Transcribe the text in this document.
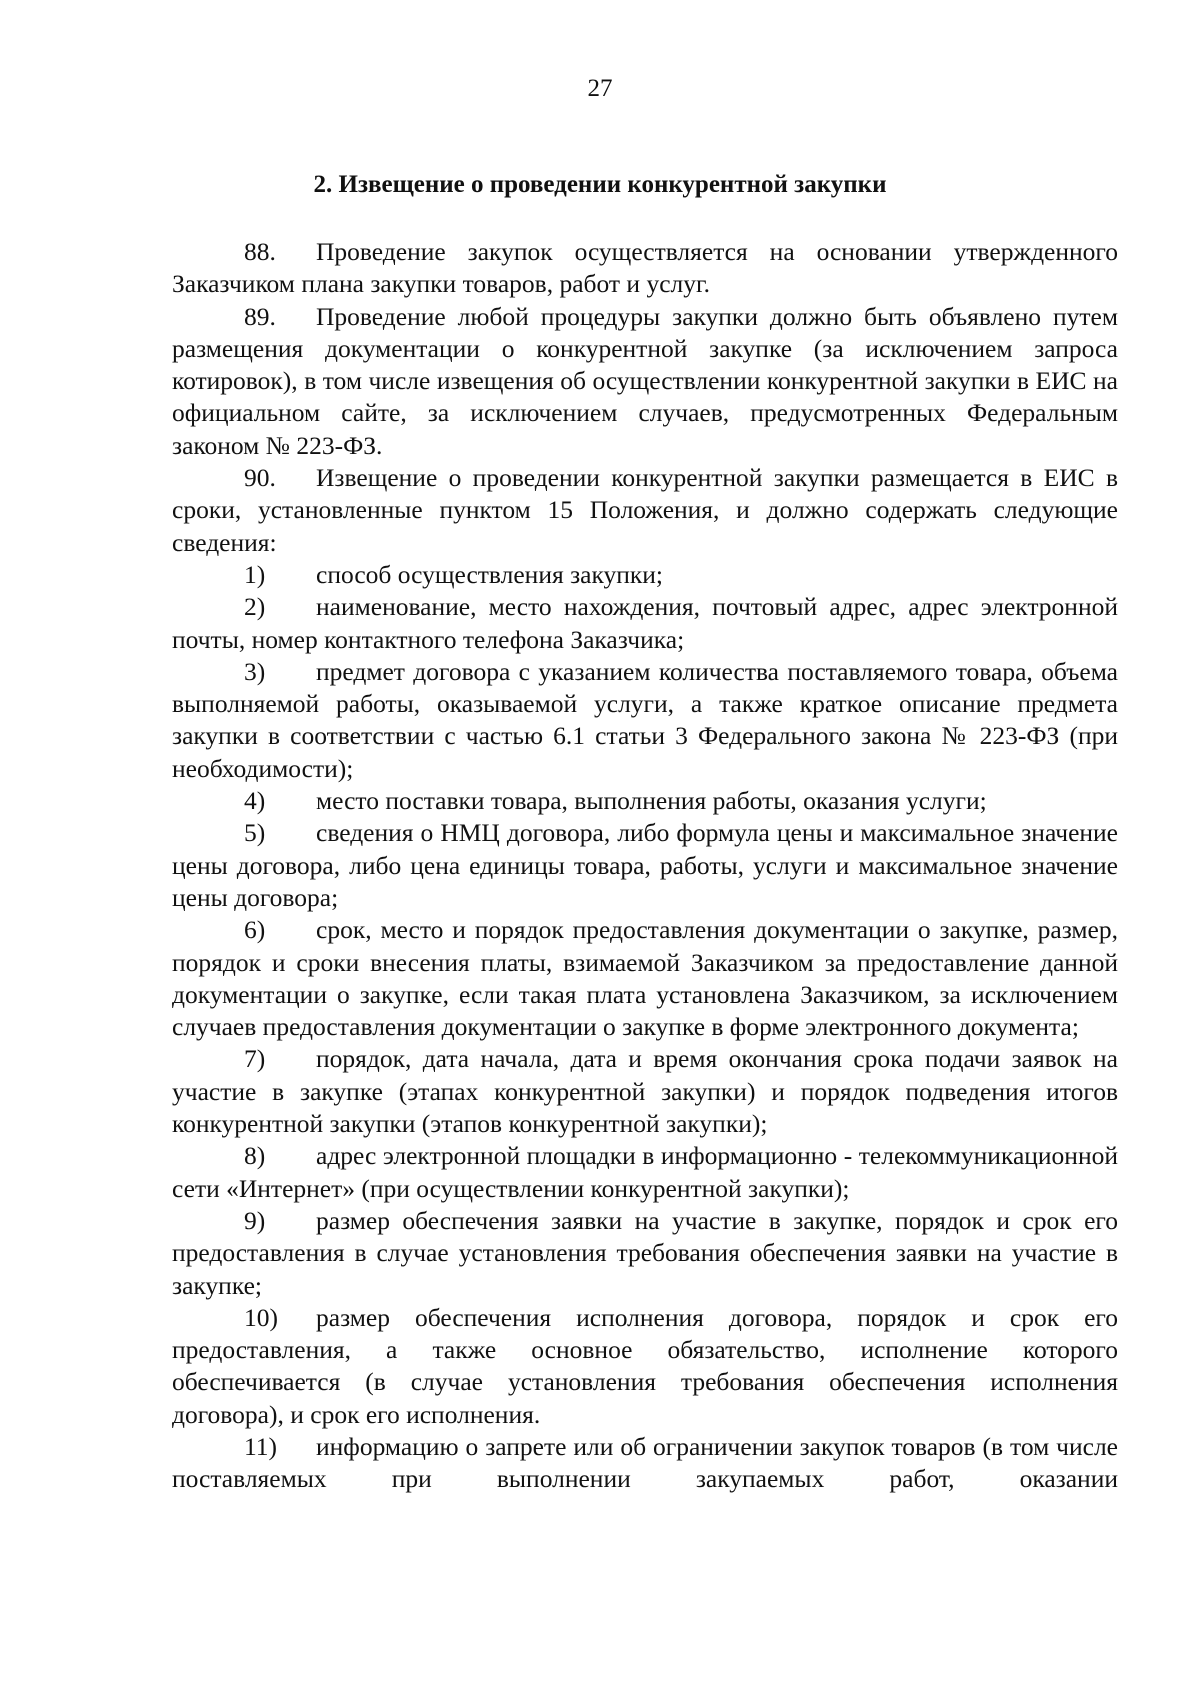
27
2. Извещение о проведении конкурентной закупки

88. Проведение закупок осуществляется на основании утвержденного Заказчиком плана закупки товаров, работ и услуг.

89. Проведение любой процедуры закупки должно быть объявлено путем размещения документации о конкурентной закупке (за исключением запроса котировок), в том числе извещения об осуществлении конкурентной закупки в ЕИС на официальном сайте, за исключением случаев, предусмотренных Федеральным законом № 223-ФЗ.

90. Извещение о проведении конкурентной закупки размещается в ЕИС в сроки, установленные пунктом 15 Положения, и должно содержать следующие сведения:

1) способ осуществления закупки;

2) наименование, место нахождения, почтовый адрес, адрес электронной почты, номер контактного телефона Заказчика;

3) предмет договора с указанием количества поставляемого товара, объема выполняемой работы, оказываемой услуги, а также краткое описание предмета закупки в соответствии с частью 6.1 статьи 3 Федерального закона № 223-ФЗ (при необходимости);

4) место поставки товара, выполнения работы, оказания услуги;

5) сведения о НМЦ договора, либо формула цены и максимальное значение цены договора, либо цена единицы товара, работы, услуги и максимальное значение цены договора;

6) срок, место и порядок предоставления документации о закупке, размер, порядок и сроки внесения платы, взимаемой Заказчиком за предоставление данной документации о закупке, если такая плата установлена Заказчиком, за исключением случаев предоставления документации о закупке в форме электронного документа;

7) порядок, дата начала, дата и время окончания срока подачи заявок на участие в закупке (этапах конкурентной закупки) и порядок подведения итогов конкурентной закупки (этапов конкурентной закупки);

8) адрес электронной площадки в информационно - телекоммуникационной сети «Интернет» (при осуществлении конкурентной закупки);

9) размер обеспечения заявки на участие в закупке, порядок и срок его предоставления в случае установления требования обеспечения заявки на участие в закупке;

10) размер обеспечения исполнения договора, порядок и срок его предоставления, а также основное обязательство, исполнение которого обеспечивается (в случае установления требования обеспечения исполнения договора), и срок его исполнения.

11) информацию о запрете или об ограничении закупок товаров (в том числе поставляемых при выполнении закупаемых работ, оказании
